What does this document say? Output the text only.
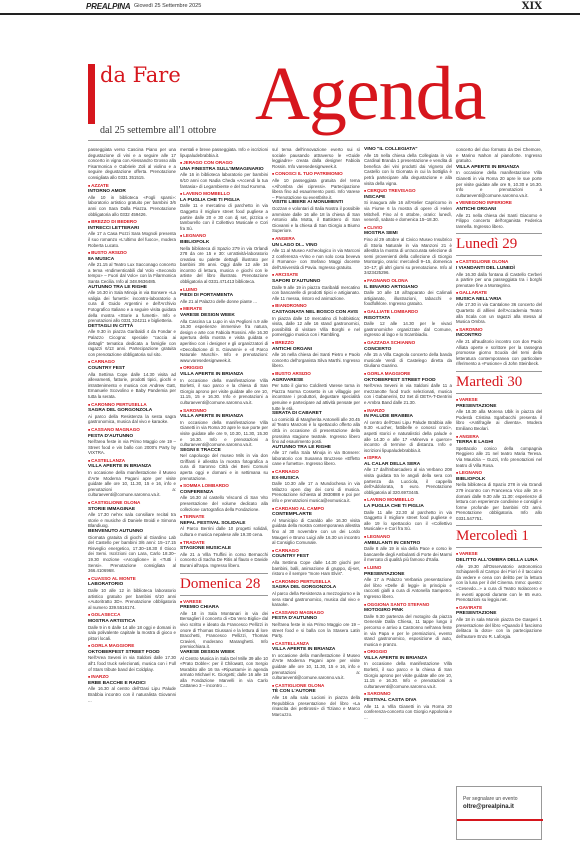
PREALPINA Giovedì 25 Settembre 2025	XIX
da Fare Agenda
dal 25 settembre all'1 ottobre
passeggiata verso Cascina Piano per una degustazione di vini e a seguire alle 17 concerto in vigna con Alessandro Grosso alla Fisarmonica e Gabriele Zoli al violino e a seguire degustazione offerta. Prenotazione consigliata allo 0331 351515.
■ AZZATE
INTORNO AMOR
Alle 10 in biblioteca «Fogli sparsi»: laboratorio artistico gratuito per bambini 3/6 anni con Sara Dalla Piazza. Prenotazione obbligatoria allo 0332 459426.
■ BREZZO DI BEDERO
INTRECCI LETTERARI
Alle 17 a Casa Pozzi Sara Mognoli presenta il suo romanzo «L'ultimo del fuoco», modera Roberta Lucato.
■ BUSTO ARSIZIO
8A MUSICA
Alle 21.15 al Teatro Lux Sacconago concerto a tema «Indimenticabili dal Volo «Secondo tempo» – Fuori dal Volo» con la Filarmonica Santa Cecilia. Info al 348.9636485.
AUTUNNO TRA LE RIGHE
Alle 16.30 in Sala Minoja in via Bonsere «La valigia dei fumetti»: incontro-laboratorio a cura di Guido Argentini e dell'Archivio Fotografico Italiano e a seguire visita guidata della mostra «Storie a fumetti». Info e prenotazioni allo 0331 324211 e biglietteria.
DETTAGLI IN CITTÀ
Alle 9.30 in piazza Garibaldi 4 da Fondar e Palazzo Cicogna: speciale "caccia ai dettagli" tematica dedicata a famiglie con ragazzi 6/13 anni. Partecipazione gratuita con prenotazione obbligatoria sul sito.
■ CARNAGO
COUNTRY FEST
Alla Settima Cope dalle 14.30 visita ad allevamenti, fattorie, prodotti tipici, giochi e intrattenimento e musica con Andrew Gatt, Emanuele Scovolino e Baby Pandemia per tutta la serata.
■ CARONNO PERTUSELLA
SAGRA DEL GORGONZOLA
Ai parco della Resistenza la sesta sagra gastronomica, musica dal vivo e karaoke.
■ CASSANO MAGNAGO
FESTA D'AUTUNNO
Nell'area feste in via Primo Maggio ore 19 – Street food e vin ballo con 2000's Party by VIXTRA.
■ CASTELLANZA
VILLA APERTE IN BRIANZA
In occasione della manifestazione il Museo d'Arte Moderna Pagani apre per visite guidate alle ore 10, 11.30, 15 e 16, info e prenotazioni a: culturaeventi@comune.saronno.va.it.
■ CASTIGLIONE OLONA
STORIE IMMAGINAE
Alle 17.30 nel'ex sala consiliare recital tra storie e musiche di Daniele Broidi e Simona Blandiuog.
BENVENUTO AUTUNNO
Giornata gratuita di giochi al Giardino Lab del Castello per bambini 3/6 anni: 15–17.15 Risveglio energetico, 17.30–18.30 Il Gioco dei Semi. Iscrizioni con Lara, Carlo 18.30–19.30 mozione «Arcoglione» in «Tutti i Sensi». Prenotazione consigliata al 366.4106968.
■ CUASSO AL MONTE
LABORATORIO
Dalle 10 alle 12 in biblioteca laboratorio artistico gratuito per bambini 6/10 anni «Autoritratto 3D». Prenotazione obbligatoria al numero 339.5516174.
■ GOLASECCA
MOSTRA ARTISTICA
Dalle 9 in 6 dalle 14 alle 18 oggi e domani in sala polivalente capitale la mostra di gioco e pittori locali.
■ GORLA MAGGIORE
OKTOBERFEST STREET FOOD
Nell'Area Seveni in via Saldoni dalle 17.30 all'1 food truck selezionati, musica con i Full of Stars tribute band dei Coldplay.
■ INARZO
ERBE BACCHE E RADICI
Alle 16.30 al centro dell'Oasi Lipu Palude Brabbia incontro con il naturalista Giovanni ...
mentali e breve passeggiata. Info e iscrizioni lipupaludebrabbia.it.
■ JERAGO CON ORAGO
UNA FINESTRA SULL'IMMAGINARIO
Alle 16 in biblioteca laboratorio per bambini 6/10 anni con Nadia Cheda «Accendi la tua fantasia» di Legambiente e del Sud Kumma.
■ LAVENO MOMBELLO
LA PUGLIA CHE TI PIGLIA
Dalle 11 e mercatino di parchetto in via Gaggetto il migliore street food pugliese a partire dalle 20 e 30 con dj set, pizzica e tamburello con il Collettivo Musicale e Cori fra Sù.
■ LEGNANO
BIBLIOFOLK
Nella biblioteca di Spazio 279 in via Orlandi 278 da ore 15 e 30: un'attività-laboratorio creativa su palette dettagli illustrato per bambini 3/6 anni. Oggi dalle 12 alle 16 incontro di lettura, musica e giochi con le artiste del libro illustrato. Prenotazione obbligatoria al 0331.471413 biblioteca.
■ LUINO
PIEDI DI PORTAMENTA
Alle 21 al Palazzo delle donne piante ...
■ MERATE
VARESE DESIGN WEEK
Alla Cascina La Lupo in via Peglioni n.9 alle 16.30 esperienze immersive fra natura, design e arte con Fabiola Rossini. Alle 16.30 apertura della mostra e visita guidata e aperitivo con i designer e gli organizzatori di «Decollazione di S. Giovanni» e «Il Parco Naturale Muschi». Info e prenotazioni: www.varesedesignweek.it.
■ ORIGGIO
VILLA APERTE IN BRIANZA
In occasione della manifestazione Villa Borletti, il suo parco e la chiesa di San Giorgio aprono per visite guidate alle ore 10, 11.15, 15 e 16.30. Info e prenotazioni a culturaeventi@comune.saronno.va.it.
■ SARONNO
VILLA APERTE IN BRIANZA
In occasione della manifestazione Villa Gianetti in via Roma 20 apre le sue porte per visite guidate alle ore 9, 10.30, 11.30, 15.30 e 16.30. Info e prenotazioni a culturaeventi@comune.saronno.va.it.
SEGNI E TRACCE
Nel capoluogo del museo Mils in via don Griffanti è allestita la mostra fotografica a cura di Saronno Città dei Beni Comuni aperta oggi e domani e in settimana su prenotazione.
■ SOMMA LOMBARDO
CONFERENZA
Alle 16.30 al castello Visconti di San Vito presentazione del volume dedicato alla collezione cartografica della Fondazione.
■ TERNATE
NEPAL FESTIVAL SOLIDALE
Al Parco Berrini dalle 10 progetti solidali, cultura e musica nepalese alle 19.30 cena.
■ TRADATE
STAGIONE MUSICALE
Alle 21 a Villa Truffini in corso Bernacchi concerto di Sacha De Ritis al flauto e Davide Burani all'arpa. Ingresso libero.
Domenica 28
■ VARESE
PREMIO CHIARA
Alle 18 in Sala Montanari in via dei Bersaglieri il concerto di «Da Vero Biglio» dal vivo scritto e ideato da Francesco Pellizzi in onore di Thomas Giussani e la lettura di lore Bracchetti, Francesco Pellizzi, Thomas Cravieri, moderano Maranghetti. Info premiochiara.it.
VARESE DESIGN WEEK
Al Centro Musica in Sala Del Mille 39 alle 10 «Prato Doble»: per il Chilowatt, con Sergio Morabito alle 16 tra «Ripuntami» in agenda armato Michael K. Giorgetti; dalle 16 alle 18 alla Fondazione Marvelli in via Carlo Cattaneo 3 – incontro ...
sul tema dell'innovazione everto sui sì sociale pausando attraverso le «Guide leggiadre» creata dalla designer Fabiola Rossin. Info varesedesignweek.it.
■ CONOSCI IL TUO PATRIMONIO
Alle 10 passeggiata gratuita del tema «All'ombra dei cipressi». Partecipazione libera fino ad esaurimento posti. Info Varese – Prenotazione su eventbrite.it.
VISITE LIBERE AI MONUMENTI
Gozzan e volontari di Italia Nostra il possibile ammirare dalle 16 alle 18 la chiesa di San Antonio alla Motta, il Battistero di San Giovanni e la chiesa di San Giorgio a Biumo Superiore.
■ ANGERA
UN LAGO DI... VINO
Alle 11 al Museo Archeologico in via Marconi 2 conferenza «Vino e non solo cosa beveva il Romano» con Stefano Maggi docente dell'Università di Pavia. Ingresso gratuito.
■ ARCISATE
SAPORI D'AUTUNNO
Dalle 9 alle 19 in piazza Garibaldi mercatino con bancarelle di prodotti tipici e artigianato. Alle 11 messa, ristoro ed animazione.
■ BIANDRONNO
CASTAGNATA NEL BOSCO CON AVIS
In piazza dalle 10 mercatino di hobbistica; visita, dalle 12 alle 16 stand gastronomici, possibilità di visitare Villa Borghi e nel pomeriggio musica con i Rambling.
■ BREZZO
ANTICHI ORGANI
Alle 16 nella chiesa dei Santi Pietro e Paolo concerto dell'organista Silva Marthi. Ingresso libero.
■ BUSTO ARSIZIO
AGRIVARESE
Per tutto il giorno Coldiretti Varese torna in Piazza Norma Cossetto in un villaggio per incontrare i produttori, degustare specialità genuine e partecipare ad attività pensate per tutte le età.
SERATA DI CABARET
Lo comicità di Margherita Antonelli alle 20.45 al Teatro Manzoni è lo spettacolo offerto alla città in occasione di presentazione della prossima stagione teatrale. Ingresso libero fino ad esaurimento posti.
AUTUNNO TRA LE RIGHE
Alle 17 nella Sala Minoja in via Bonsere: laboratorio con Susanna Bruzzese «Effetto cane e fumetto». Ingresso libero.
■ CARNAGO
EX-MUSICA
Dalle 10.30 alle 17 a Mundochesa in via Milazzo open day dei corsi di musica. Prenotazione richiesta al 3930888 e poi per info e prenotazioni musica@exmusica.it.
■ CARDANO AL CAMPO
CONTEMPLARTE
Al Municipio di Caraldo alle 16.30 visita guidata della mostra contemporanea allestita fino al 30 novembre con un dei Lordo Maugeri e Bruno Luigi alle 16.30 un incontro al Consiglio Comunale.
■ CARNAGO
COUNTRY FEST
Alla Settima Cope dalle 14.30 giochi per bambini, balli, animazione di gruppo, dj-set, ristoro e il sempre "more Ham Elvis".
■ CARONNO PERTUSELLA
SAGRA DEL GORGONZOLA
Al parco della Resistenza a mezzogiorno e la sera stand gastronomico, musica dal vivo e karaoke.
■ CASSANO MAGNAGO
FESTA D'AUTUNNO
Nell'area feste in via Primo Maggio ore 19 – street food e si balla con la Stasera Latin Party.
■ CASTELLANZA
VILLA APERTE IN BRIANZA
In occasione della manifestazione il Museo d'Arte Moderna Pagani apre per visite guidate alle ore 10, 11.30, 15 e 16, info e prenotazioni a: culturaeventi@comune.saronno.va.it.
■ CASTIGLIONE OLONA
TÈ CON L'AUTORE
Alle 16 alla sala Lucioni in piazza della Repubblica presentazione del libro «La rinascita dei pettirossi» di Tiziano e Marco Marcuzzo.
VINO "IL COLLEGIATA"
Alle 15 nella chiesa della Collegiata in via Cardinal Branda 1 presentazione e vendita di benefica dei vini prodotti dai Vigneto del Castello con lo Giornata in cui la bottiglia è petrà partecipare alla degustazione e alla visita della vigna.
■ CERQUO TREVISAGO
INSCAPE
Si inaugura alle 16 all'Atelier Capricorno in via Fiume 6 la mostra di opere di Helen Mitchell. Fino al 6 ottobre, orario: lunedì, venerdì, sabato e domenica 15–18.30.
■ CLIVIO
MOSTRA SEMI
Fino al 29 ottobre al Civico Museo Insubrico di Storia Naturale in via Manzoni 21 è allestita la mostra di un'accurata selezione di semi provenienti della collezione di Giorgio Montorgio, orario: mercoledì 9–15, domenica 10–17; gli altri giorni su prenotazione. Info al 3423425296.
■ FAGNANO OLONA
IL BINARIO ARTIGIANO
Dalle 10 alle 18 all'apparato dei Calimali artigianato, illustrazioni, tabacchi e foodfolklore. Ingresso gratuito.
■ GALLIATE LOMBARDO
RISOTTATA
Dalle 12 alle 14.30 per le vivaci gastronomiche organizzate dal Comune, ingresso al lago e lo Scambiadio.
■ GAZZADA SCHIANNO
CONCERTO
Alle 15 a Villa Cagnola concerto della banda musicale Verdi di Castelego diretta da Giuliano Guarino.
■ GORLA MAGGIORE
OKTOBERFEST STREET FOOD
Nell'Area Seveni in via Saldoni dalle 11 a mezzanotte food truck selezionati, musica con i Gabanerini, DJ Set di DETA-T-Dentrini e Ambra Band dalle 21.30.
■ INARZO
IN PALUDE BRABBIA
Al centro dell'Oasi Lipu Palude Brabbia alle 9.30 «Lucher, fattibelle e conosci croci», aspetti storici e naturalistici della palude e alle 14.30 e alle 17 «Minerva e querce» incontro di termine di distanza. Info e iscrizioni lipupaludebrabbia.it.
■ ISPRA
AL CALAR DELLA SERA
Alle 17 dall'imbarcadero al via Verbano 208 visita guidata tra le angoli della sera con partenza da Lucciola, il cappella dell'Addolorata, 5 euro. Prenotazione obbligatoria al 320.6973445.
■ LAVENO MOMBELLO
LA PUGLIA CHE TI PIGLIA
Dalle 11 alle 22.30 al parchetto in via Gaggetto il migliore street food pugliese e alle 19 lo spettacolo con il «Collettivo Musicale» e Cori fra Sù.
■ LEGNANO
AMBULANTI IN CENTRO
Dalle 8 alle 19 in via della Pace e corso le bancarelle degli Ambulanti di Forte dei Marmi il mercato di qualità più famoso d'Italia.
■ LUINO
PRESENTAZIONE
Alle 17 a Palazzo Verbania presentazione del libro «Delle di leggi» in principio e racconti gialli a cura di Antonella Sampetro. Ingresso libero.
■ OGGIONA SANTO STEFANO
MOTOGIRO PINK
Dalle 9.30 partenza del motogiro da piazza Generale Dalla Chiesa, 11 tappe lungo il percorso e arrivo a Castronno nell'area feste in via Papa e per le premiazioni, evento stand gastronomico, esposizione di auto, musica e pranzo.
■ ORIGGIO
VILLA APERTE IN BRIANZA
In occasione della manifestazione Villa Borletti, il suo parco e la chiesa di San Giorgio aprono per visite guidate alle ore 10, 11.15 e 16.30. Info e prenotazioni a culturaeventi@comune.saronno.va.it.
■ SARONNO
FESTIVAL CASTA DIVA
Alle 11 a Villa Gianetti in via Roma 20 conferenza-concerto con Giorgio Appolonia e ...
concerto del duo formato da Dei Chemore, e Marino Nahon al pianoforte. Ingresso gratuito.
VILLA APERTE IN BRIANZA
In occasione della manifestazione Villa Gianetti in via Roma 20 apre le sue porte per visite guidate alle ore 9, 10.30 e 16.30. Info e prenotazioni a culturaeventi@comune.saronno.va.it.
■ VENEGONO INFERIORE
ANTICHI ORGANI
Alle 21 nella chiesa dei Santi Giacomo e Filippo concerto dell'organista Federica Iannella. Ingresso libero.
Lunedì 29
■ CASTIGLIONE OLONA
I VIANDANTI DEL LUNEDÌ
Alle 16.30 dalla fontana di Castello Cerberi a partire per una passeggiata tra i borghi prenotare fine a Montegrino.
■ GALLARATE
MUSICA NELL'ARIA
Alle 17.30 in via Cantalone 36 concerto del Quartetto di alllievi dell'Accademia Teatro alla Scala con un ragazzi alla stessa al Musica Ombra.
■ SARONNO
INCONTRO
Alle 21 all'auditorio incontro con don Paolo Alliata operte e scrittore per la rassegna promosse giorno Scuola del temi della letteratura contemporanea con particolare riferimento a «Fusione» di John Steinbeck.
Martedì 30
■ VARESE
PRESENTAZIONE
Alle 18.30 alla Morena Ubik in piazza del Podestà Cristina Sgarbacchi presenta il libro «Antifragile ai diventa». Modera Emiliano Beolari.
■ ANGERA
TERRA E LAGHI
Spettacolo conico della compagnia Reggiero alle 21 nel teatro Maria Teresa. Via Maurizia – Guzzi, Info prenotazioni nel teatro di Villa Rosa.
■ LEGNANO
BIBLIOFOLK
Nella biblioteca di Spazio 278 in via Grandi 279 incontro con Francesca Vico alle 16 e domani dalle 9.30 alle 11.30: esperienze di lettura con esperienze condivise e consigli e forme profonde per bambini 0/3 anni. Prenotazione obbligatoria. Info allo 0331.547751.
Mercoledì 1
■ VARESE
DELITTO ALL'OMBRA DELLA LUNA
Alle 19.30 all'Osservatorio astronomico Schiaparelli al Campo dei Fiori è il taccuino da vedere e cena con delitto per la lettura con la luna per il del Cinema. Inmo: questo: «Cesevdo...» a cura di Teatro Isolaccero e in eventi apposti durante con le 65 euro. Prenotazioni su leggio.net.
■ GAVIRATE
PRESENTAZIONE
Alle 18 in sala Morvin piazza De Gasperi 1 presentazione del libro «Quando il fascismo delitaca la doto» con la partecipazione dell'autore Enzo R. Laforgia.
Per segnalare un evento
oltre@prealpina.it
